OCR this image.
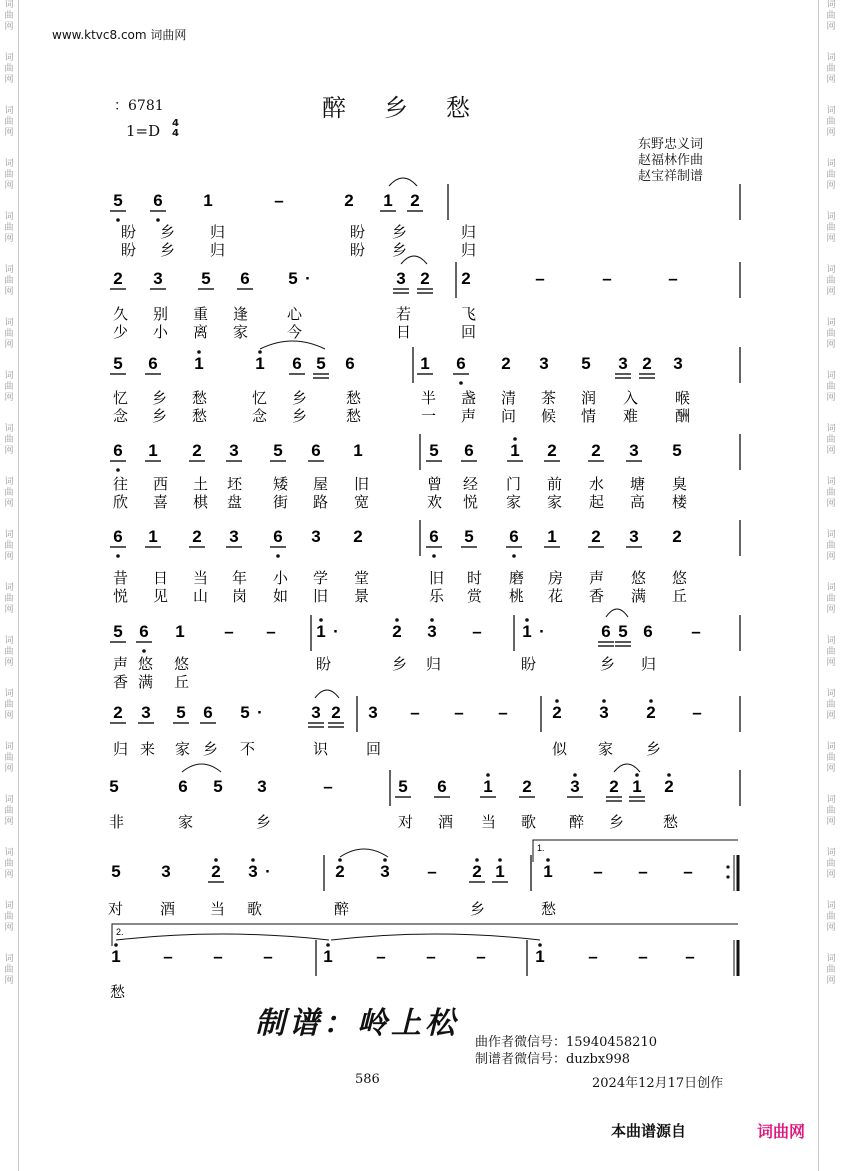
词
曲
网
词
曲
网
词
曲
网
词
曲
网
词
曲
网
词
曲
网
词
曲
网
词
曲
网
词
曲
网
词
曲
网
词
曲
网
词
曲
网
词
曲
网
词
曲
网
词
曲
网
词
曲
网
词
曲
网
词
曲
网
词
曲
网
词
曲
网
词
曲
网
词
曲
网
词
曲
网
词
曲
网
词
曲
网
词
曲
网
词
曲
网
词
曲
网
词
曲
网
词
曲
网
词
曲
网
词
曲
网
词
曲
网
词
曲
网
词
曲
网
词
曲
网
词
曲
网
词
曲
网
www.ktvc8.com 词曲网
：6781	醉乡愁
1=D 4
4
东野忠义词
赵福林作曲
赵宝祥制谱
5 6 1	–	2 1 2
盼 乡 归	盼 乡	归
盼 乡 归	盼 乡	归
2 3 5 6 5 ·	3 2 2	–	–	–
久 别 重 逢	心	若	飞
少 小 离 家	今	日	回
5 6 1	1 6 5 6	1 6 2 3 5 3 2 3
忆 乡 愁	忆 乡	愁	半 盏 清 茶 润 入 喉
念 乡 愁	念 乡	愁	一 声 问 候 情 难 酬
6 1 2 3 5 6 1	5 6 1 2 2 3 5
往 西 土 坯 矮 屋 旧	曾 经 门 前 水 塘 臭
欣 喜 棋 盘 街 路 宽	欢 悦 家 家 起 高 楼
6 1 2 3 6 3 2	6 5 6 1 2 3 2
昔 日 当 年 小 学 堂	旧 时 磨 房 声 悠 悠
悦 见 山 岗 如 旧 景	乐 赏 桃 花 香 满 丘
5 6 1 – – 1 ·	2 3 – 1 ·	6 5 6 –
声 悠 悠	盼	乡 归	盼	乡 归
香 满 丘
2 3 5 6 5 ·	3 2 3 – – –	2 3 2 –
归 来 家 乡 不	识	回	似 家 乡
5	6 5 3	–	5 6 1 2 3 2 1 2
非	家	乡	对 酒 当 歌 醉 乡	愁
5 3 2 3 ·	2 3 – 2 1 1 – – –
对 酒 当 歌	醉	乡	愁
1	– – –	1	– – –	1	– – –
愁
1.
2.
制谱：岭上松
曲作者微信号：15940458210
制谱者微信号：duzbx998
586	2024年12月17日创作
本曲谱源自	词曲网
